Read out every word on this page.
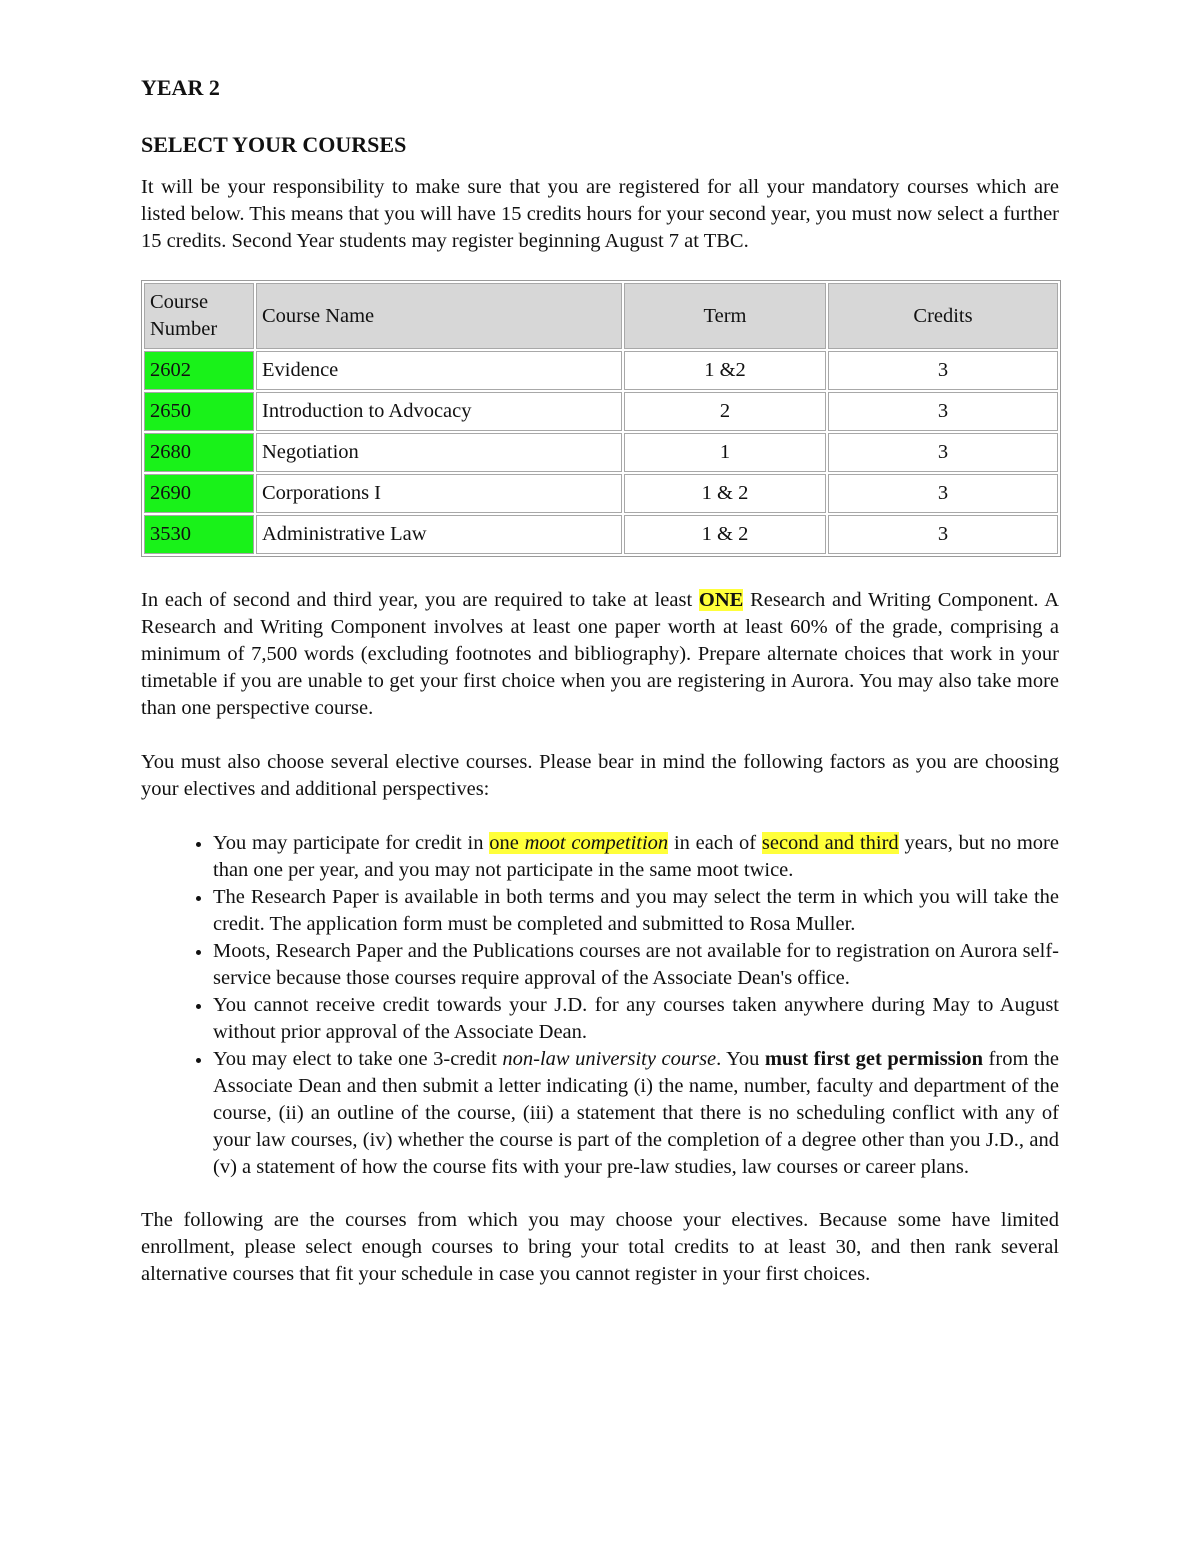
YEAR 2

SELECT YOUR COURSES

It will be your responsibility to make sure that you are registered for all your mandatory courses which are listed below. This means that you will have 15 credits hours for your second year, you must now select a further 15 credits. Second Year students may register beginning August 7 at TBC.

Course Number	Course Name	Term	Credits
2602	Evidence	1 &2	3
2650	Introduction to Advocacy	2	3
2680	Negotiation	1	3
2690	Corporations I	1 & 2	3
3530	Administrative Law	1 & 2	3

In each of second and third year, you are required to take at least ONE Research and Writing Component. A Research and Writing Component involves at least one paper worth at least 60% of the grade, comprising a minimum of 7,500 words (excluding footnotes and bibliography). Prepare alternate choices that work in your timetable if you are unable to get your first choice when you are registering in Aurora. You may also take more than one perspective course.

You must also choose several elective courses. Please bear in mind the following factors as you are choosing your electives and additional perspectives:

• You may participate for credit in one moot competition in each of second and third years, but no more than one per year, and you may not participate in the same moot twice.
• The Research Paper is available in both terms and you may select the term in which you will take the credit. The application form must be completed and submitted to Rosa Muller.
• Moots, Research Paper and the Publications courses are not available for to registration on Aurora self-service because those courses require approval of the Associate Dean's office.
• You cannot receive credit towards your J.D. for any courses taken anywhere during May to August without prior approval of the Associate Dean.
• You may elect to take one 3-credit non-law university course. You must first get permission from the Associate Dean and then submit a letter indicating (i) the name, number, faculty and department of the course, (ii) an outline of the course, (iii) a statement that there is no scheduling conflict with any of your law courses, (iv) whether the course is part of the completion of a degree other than you J.D., and (v) a statement of how the course fits with your pre-law studies, law courses or career plans.

The following are the courses from which you may choose your electives. Because some have limited enrollment, please select enough courses to bring your total credits to at least 30, and then rank several alternative courses that fit your schedule in case you cannot register in your first choices.
